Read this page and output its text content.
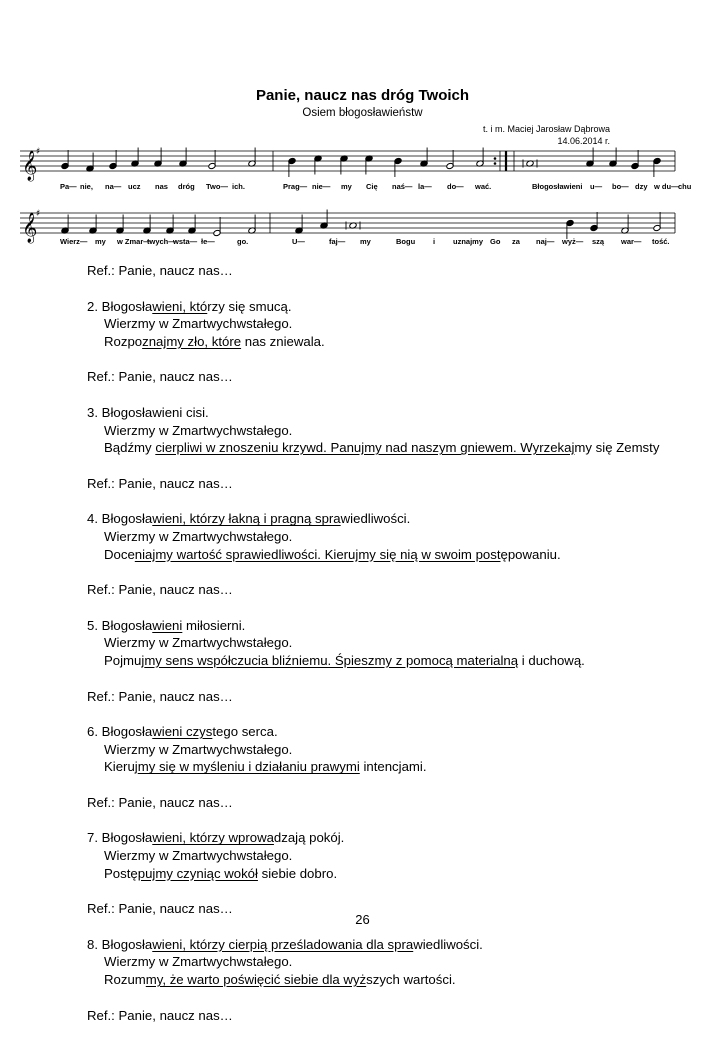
Panie, naucz nas dróg Twoich
Osiem błogosławieństw
t. i m. Maciej Jarosław Dąbrowa
14.06.2014 r.
𝄞
♯
Pa— nie, na— ucz nas dróg Two— ich.	Prag— nie— my Cię naś— la— do— wać.	Błogosławieni u— bo— dzy w du— chu
𝄞
♯
Wierz— my w Zmar—
twych—
wsta— łe—	go.	U—	faj— my	Bogu i uznajmy Go za naj— wyż— szą war— tość.
Ref.: Panie, naucz nas…
2. Błogosławieni, którzy się smucą.
Wierzmy w Zmartwychwstałego.
Rozpoznajmy zło, które nas zniewala.
Ref.: Panie, naucz nas…
3. Błogosławieni cisi.
Wierzmy w Zmartwychwstałego.
Bądźmy cierpliwi w znoszeniu krzywd. Panujmy nad naszym gniewem. Wyrzekajmy się Zemsty
Ref.: Panie, naucz nas…
4. Błogosławieni, którzy łakną i pragną sprawiedliwości.
Wierzmy w Zmartwychwstałego.
Doceniajmy wartość sprawiedliwości. Kierujmy się nią w swoim postępowaniu.
Ref.: Panie, naucz nas…
5. Błogosławieni miłosierni.
Wierzmy w Zmartwychwstałego.
Pojmujmy sens współczucia bliźniemu. Śpieszmy z pomocą materialną i duchową.
Ref.: Panie, naucz nas…
6. Błogosławieni czystego serca.
Wierzmy w Zmartwychwstałego.
Kierujmy się w myśleniu i działaniu prawymi intencjami.
Ref.: Panie, naucz nas…
7. Błogosławieni, którzy wprowadzają pokój.
Wierzmy w Zmartwychwstałego.
Postępujmy czyniąc wokół siebie dobro.
Ref.: Panie, naucz nas…
8. Błogosławieni, którzy cierpią prześladowania dla sprawiedliwości.
Wierzmy w Zmartwychwstałego.
Rozummy, że warto poświęcić siebie dla wyższych wartości.
Ref.: Panie, naucz nas…
26
